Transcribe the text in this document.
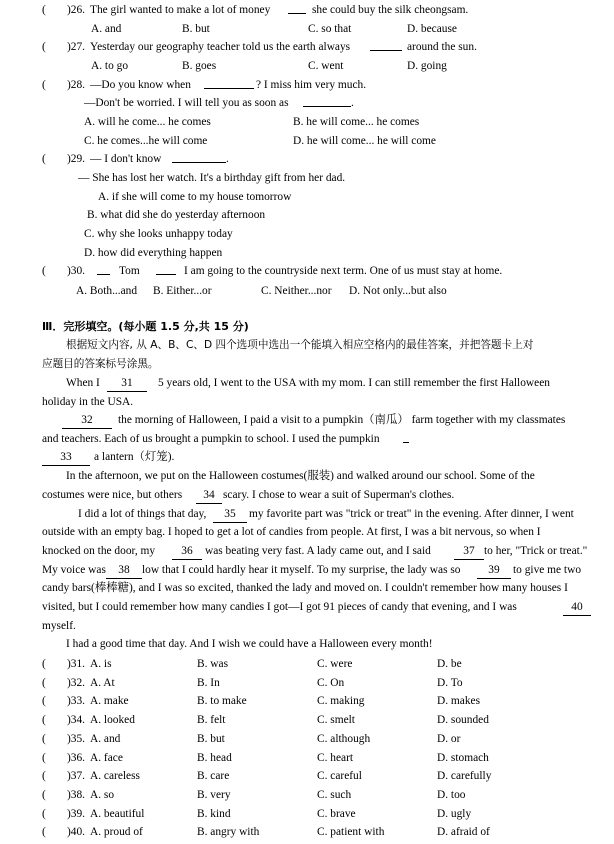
( )26. The girl wanted to make a lot of money	she could buy the silk cheongsam.
A. and	B. but	C. so that	D. because
( )27. Yesterday our geography teacher told us the earth always	around the sun.
A. to go	B. goes	C. went	D. going
( )28. —Do you know when	? I miss him very much.
—Don't be worried. I will tell you as soon as	.
A. will he come... he comes	B. he will come... he comes
C. he comes...he will come	D. he will come... he will come
( )29. — I don't know	.
— She has lost her watch. It's a birthday gift from her dad.
A. if she will come to my house tomorrow
B. what did she do yesterday afternoon
C. why she looks unhappy today
D. how did everything happen
( )30.	Tom	I am going to the countryside next term. One of us must stay at home.
A. Both...and B. Either...or	C. Neither...nor D. Not only...but also
Ⅲ．完形填空。(每小题 1.5 分,共 15 分)
根据短文内容, 从 A、B、C、D 四个选项中选出一个能填入相应空格内的最佳答案，并把答题卡上对
应题目的答案标号涂黑。
When I	31	5 years old, I went to the USA with my mom. I can still remember the first Halloween
holiday in the USA.
32	the morning of Halloween, I paid a visit to a pumpkin（南瓜） farm together with my classmates
and teachers. Each of us brought a pumpkin to school. I used the pumpkin
33	a lantern（灯笼).
In the afternoon, we put on the Halloween costumes(服装) and walked around our school. Some of the
costumes were nice, but others	34 scary. I chose to wear a suit of Superman's clothes.
I did a lot of things that day,	35	my favorite part was "trick or treat" in the evening. After dinner, I went
outside with an empty bag. I hoped to get a lot of candies from people. At first, I was a bit nervous, so when I
knocked on the door, my	36	was beating very fast. A lady came out, and I said	37 to her, "Trick or treat."
My voice was	38	low that I could hardly hear it myself. To my surprise, the lady was so	39	to give me two
candy bars(棒棒糖), and I was so excited, thanked the lady and moved on. I couldn't remember how many houses I
visited, but I could remember how many candies I got—I got 91 pieces of candy that evening, and I was	40
myself.
I had a good time that day. And I wish we could have a Halloween every month!
( )31. A. is	B. was	C. were	D. be
( )32. A. At	B. In	C. On	D. To
( )33. A. make	B. to make	C. making	D. makes
( )34. A. looked	B. felt	C. smelt	D. sounded
( )35. A. and	B. but	C. although	D. or
( )36. A. face	B. head	C. heart	D. stomach
( )37. A. careless	B. care	C. careful	D. carefully
( )38. A. so	B. very	C. such	D. too
( )39. A. beautiful	B. kind	C. brave	D. ugly
( )40. A. proud of	B. angry with	C. patient with	D. afraid of
